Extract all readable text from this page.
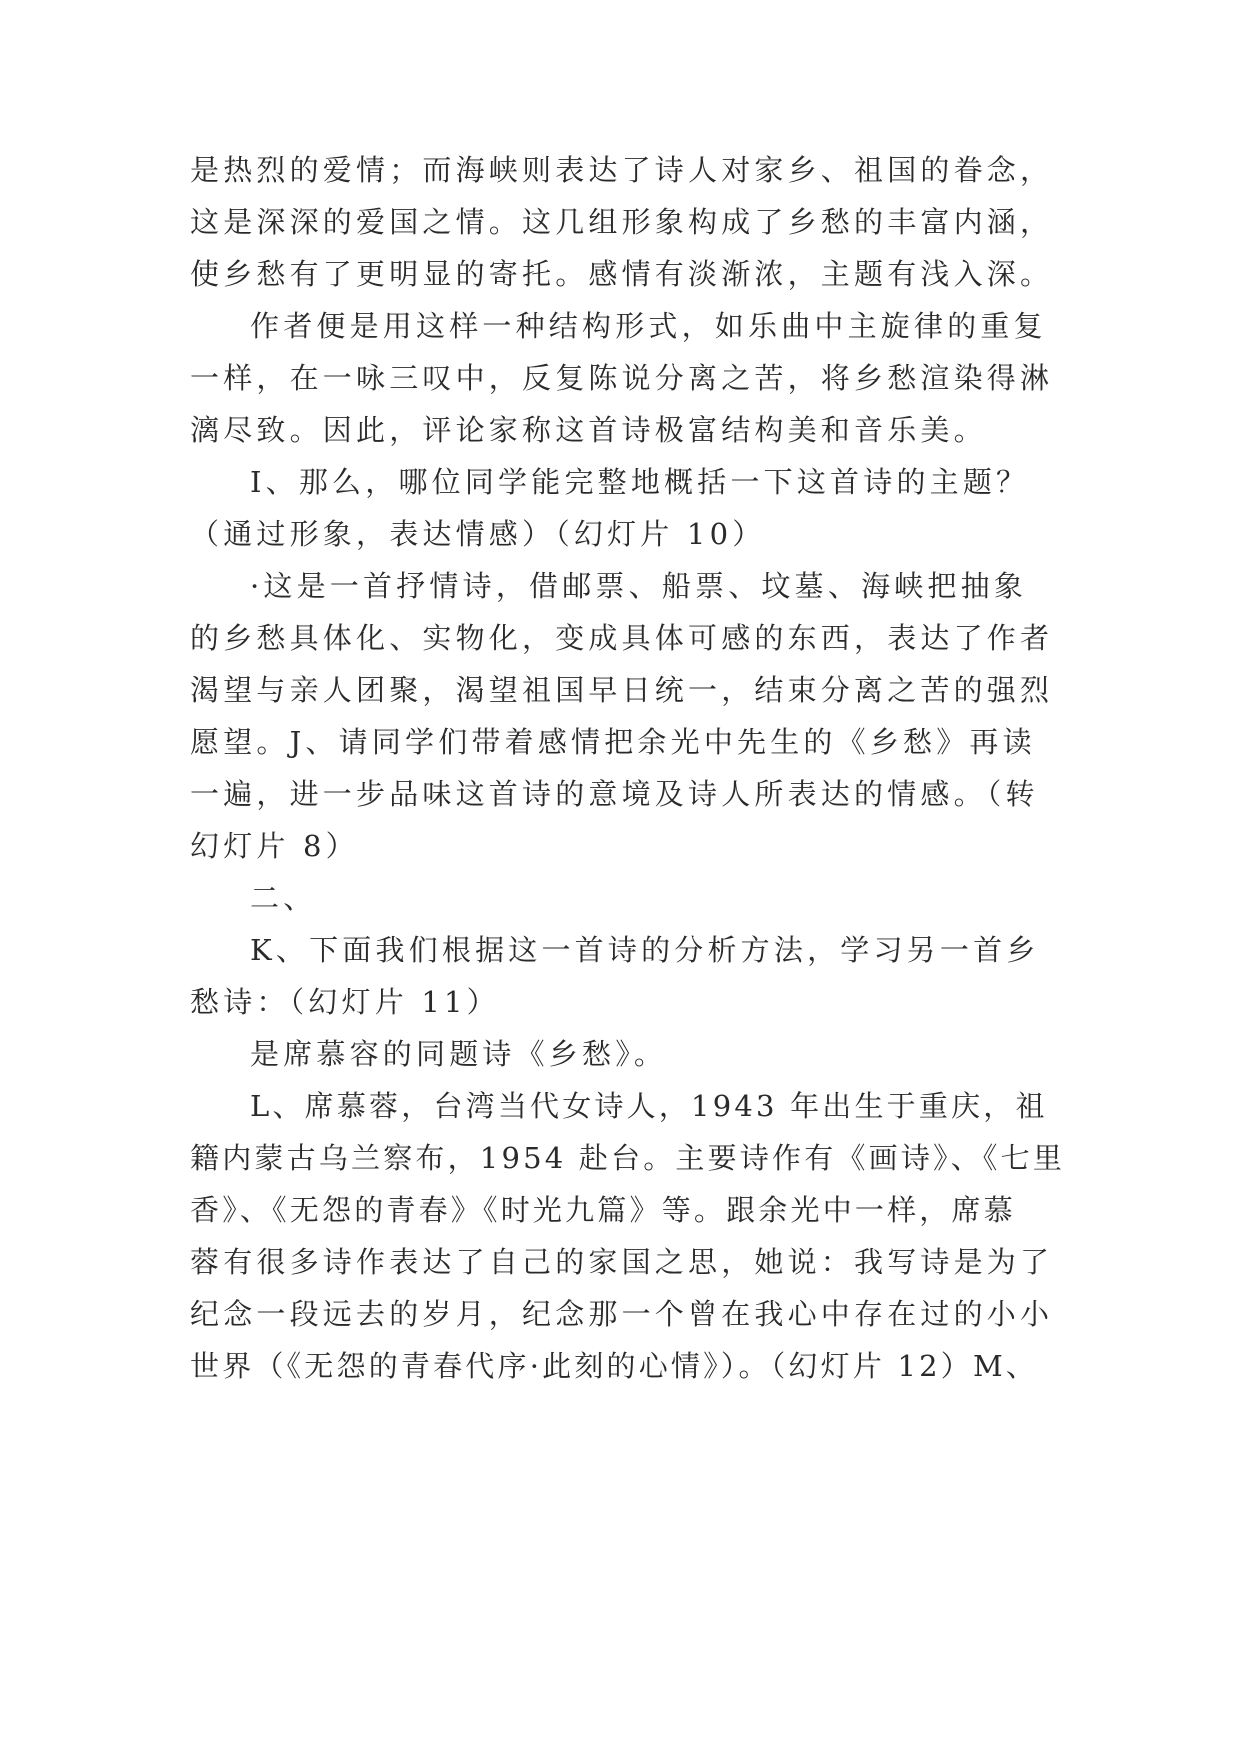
是热烈的爱情；而海峡则表达了诗人对家乡、祖国的眷念，
这是深深的爱国之情。这几组形象构成了乡愁的丰富内涵，
使乡愁有了更明显的寄托。感情有淡渐浓，主题有浅入深。
作者便是用这样一种结构形式，如乐曲中主旋律的重复
一样，在一咏三叹中，反复陈说分离之苦，将乡愁渲染得淋
漓尽致。因此，评论家称这首诗极富结构美和音乐美。
I、那么，哪位同学能完整地概括一下这首诗的主题？
（通过形象，表达情感）（幻灯片 10）
·这是一首抒情诗，借邮票、船票、坟墓、海峡把抽象
的乡愁具体化、实物化，变成具体可感的东西，表达了作者
渴望与亲人团聚，渴望祖国早日统一，结束分离之苦的强烈
愿望。J、请同学们带着感情把余光中先生的《乡愁》再读
一遍，进一步品味这首诗的意境及诗人所表达的情感。（转
幻灯片 8）
二、
K、下面我们根据这一首诗的分析方法，学习另一首乡
愁诗：（幻灯片 11）
是席慕容的同题诗《乡愁》。
L、席慕蓉，台湾当代女诗人，1943 年出生于重庆，祖
籍内蒙古乌兰察布，1954 赴台。主要诗作有《画诗》、《七里
香》、《无怨的青春》《时光九篇》等。跟余光中一样，席慕
蓉有很多诗作表达了自己的家国之思，她说：我写诗是为了
纪念一段远去的岁月，纪念那一个曾在我心中存在过的小小
世界（《无怨的青春代序·此刻的心情》）。（幻灯片 12）M、
